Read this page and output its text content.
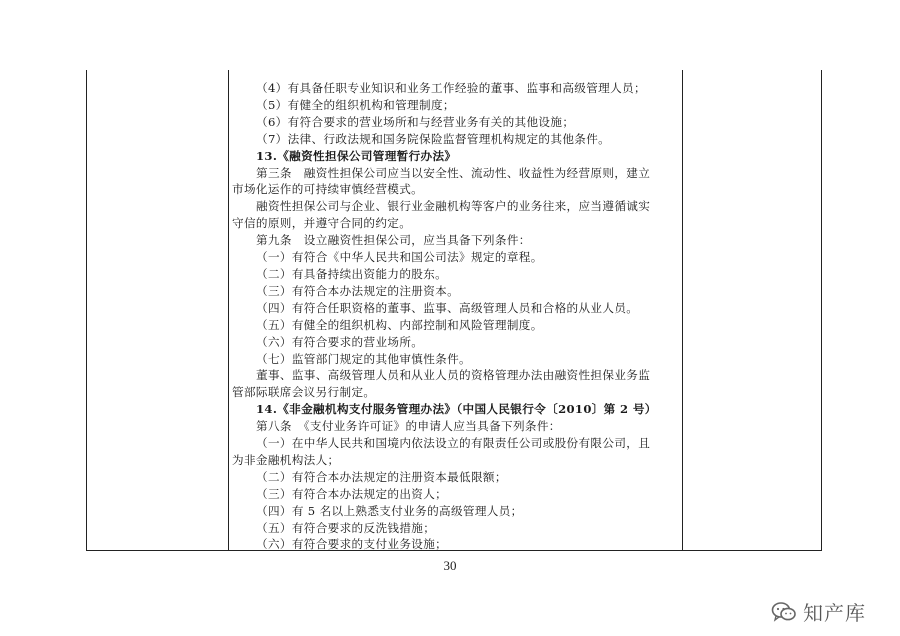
（4）有具备任职专业知识和业务工作经验的董事、监事和高级管理人员；

（5）有健全的组织机构和管理制度；

（6）有符合要求的营业场所和与经营业务有关的其他设施；

（7）法律、行政法规和国务院保险监督管理机构规定的其他条件。

13.《融资性担保公司管理暂行办法》

第三条　融资性担保公司应当以安全性、流动性、收益性为经营原则，建立

市场化运作的可持续审慎经营模式。

融资性担保公司与企业、银行业金融机构等客户的业务往来，应当遵循诚实

守信的原则，并遵守合同的约定。

第九条　设立融资性担保公司，应当具备下列条件：

（一）有符合《中华人民共和国公司法》规定的章程。

（二）有具备持续出资能力的股东。

（三）有符合本办法规定的注册资本。

（四）有符合任职资格的董事、监事、高级管理人员和合格的从业人员。

（五）有健全的组织机构、内部控制和风险管理制度。

（六）有符合要求的营业场所。

（七）监管部门规定的其他审慎性条件。

董事、监事、高级管理人员和从业人员的资格管理办法由融资性担保业务监

管部际联席会议另行制定。

14.《非金融机构支付服务管理办法》（中国人民银行令〔2010〕第 2 号）

第八条　《支付业务许可证》的申请人应当具备下列条件：

（一）在中华人民共和国境内依法设立的有限责任公司或股份有限公司，且

为非金融机构法人；

（二）有符合本办法规定的注册资本最低限额；

（三）有符合本办法规定的出资人；

（四）有 5 名以上熟悉支付业务的高级管理人员；

（五）有符合要求的反洗钱措施；

（六）有符合要求的支付业务设施；

30
知产库
